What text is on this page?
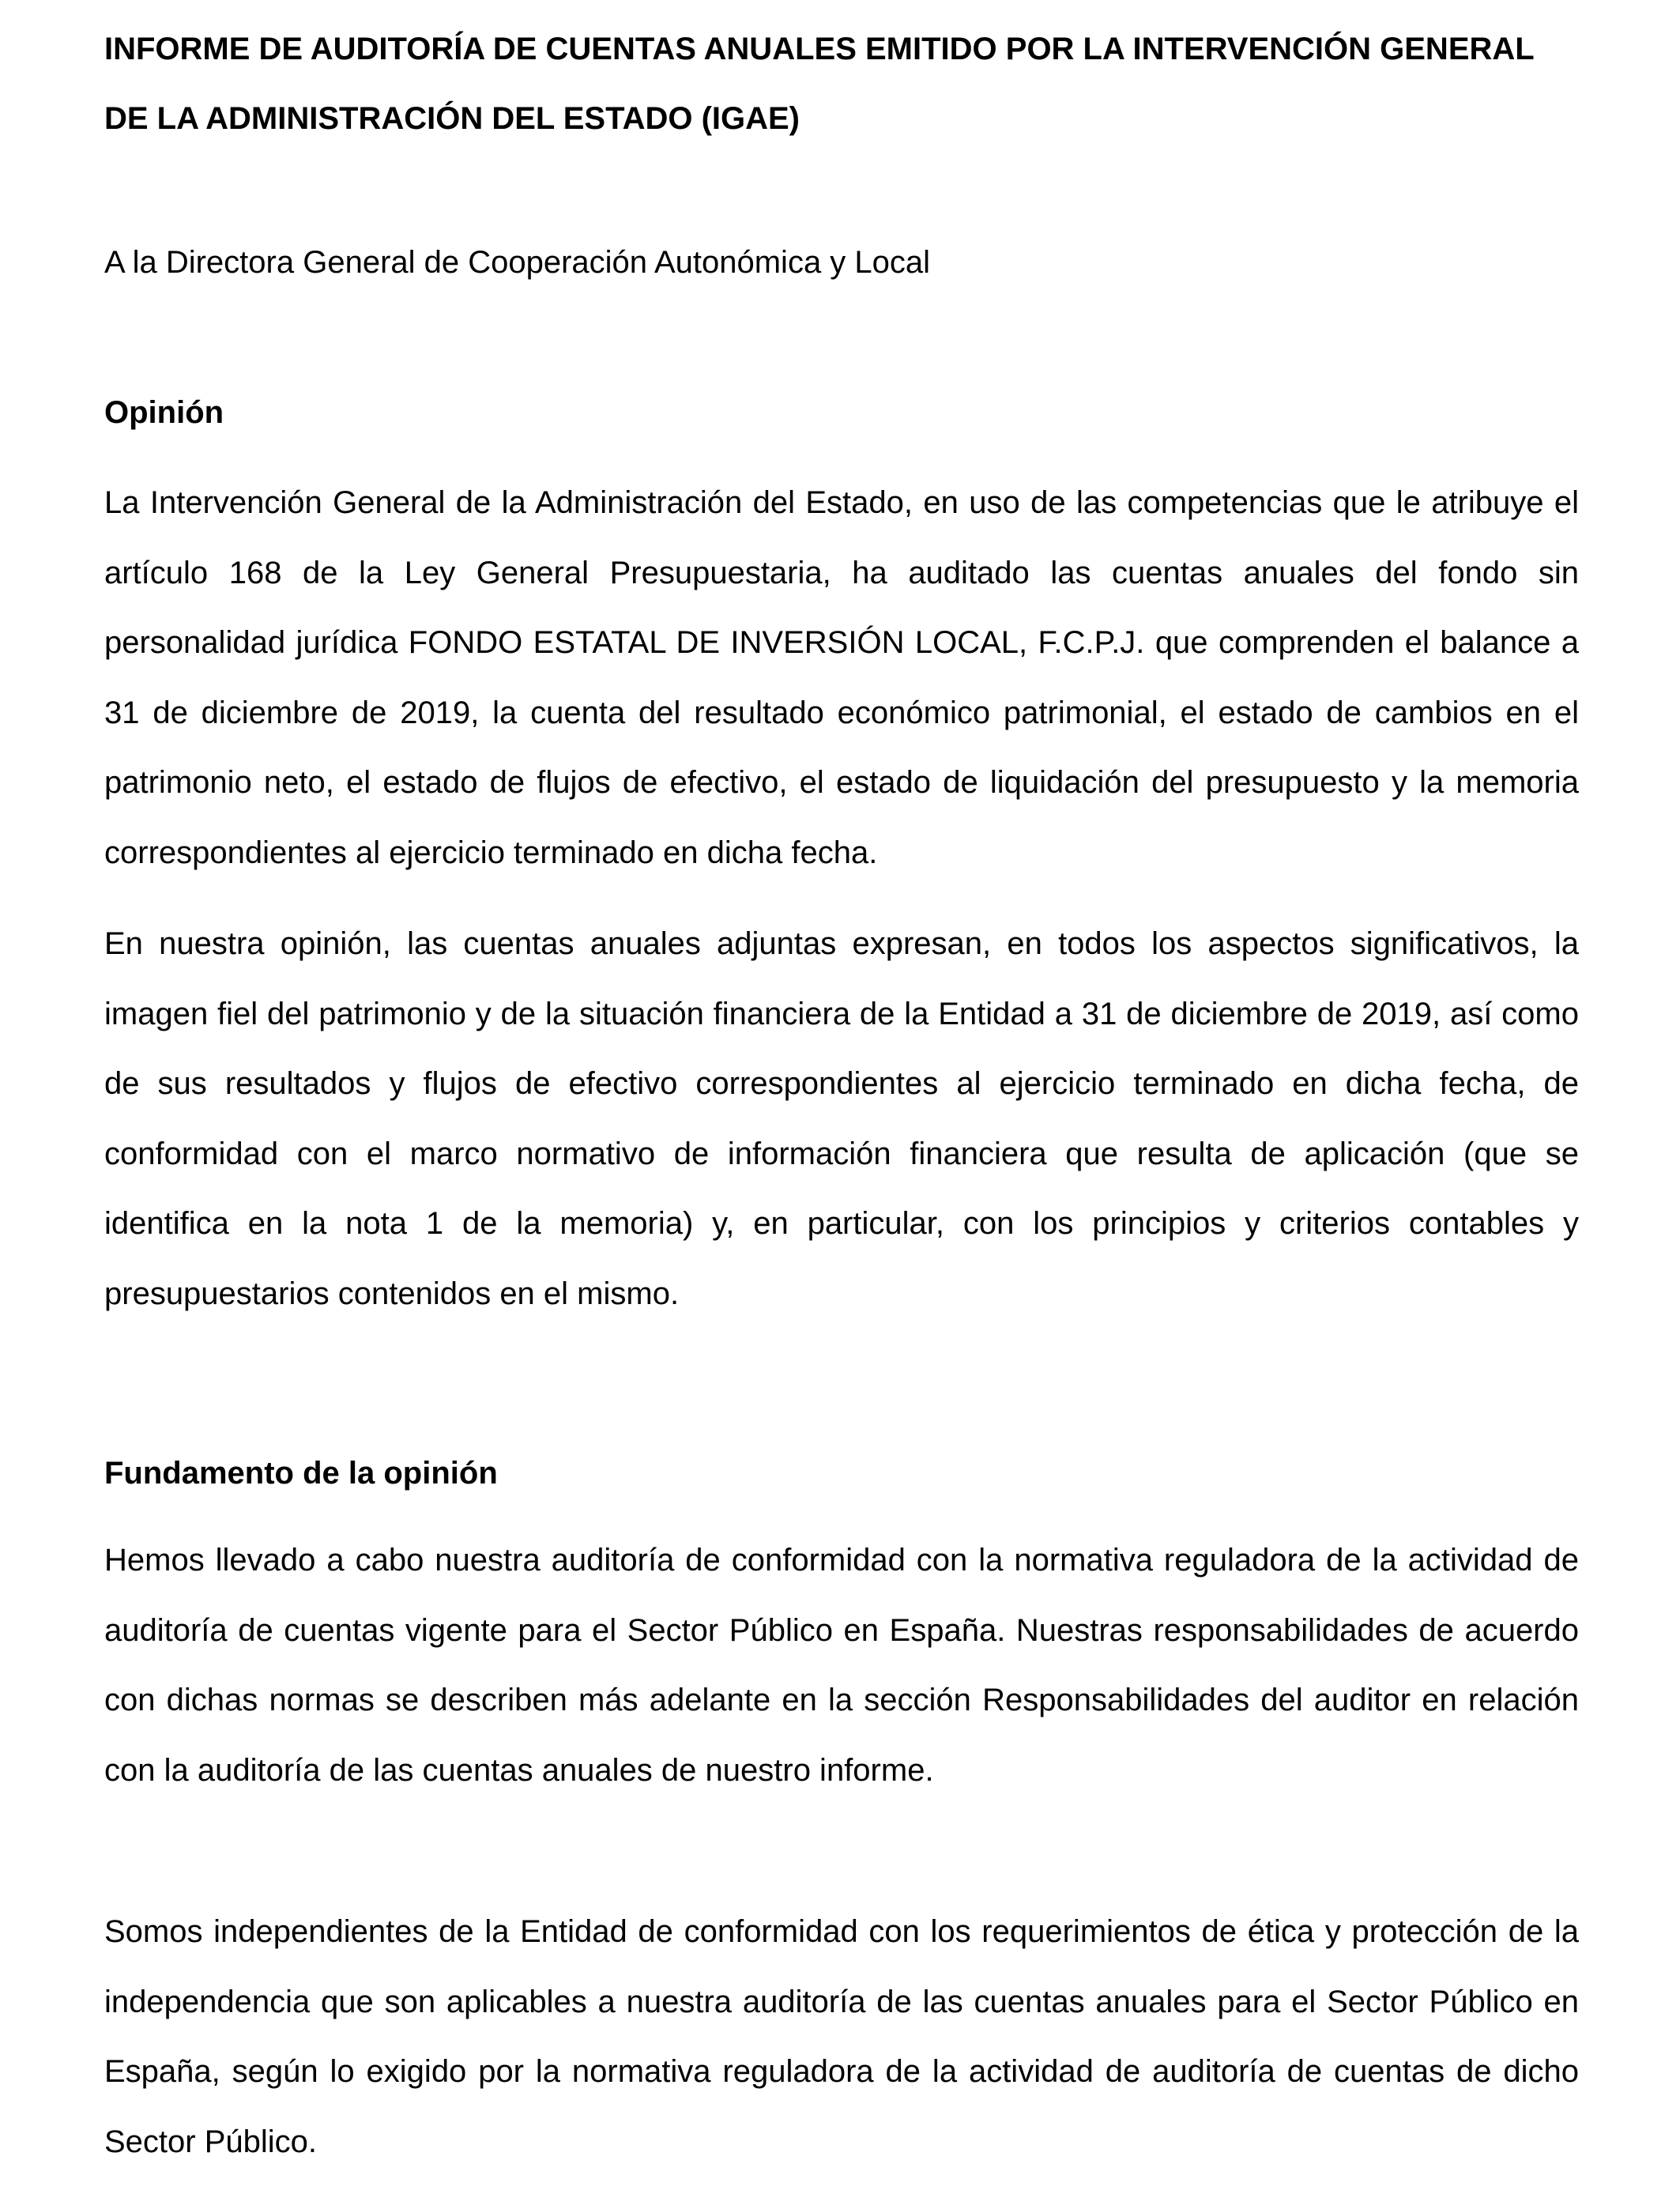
INFORME DE AUDITORÍA DE CUENTAS ANUALES EMITIDO POR LA INTERVENCIÓN GENERAL DE LA ADMINISTRACIÓN DEL ESTADO (IGAE)

A la Directora General de Cooperación Autonómica y Local

Opinión

La Intervención General de la Administración del Estado, en uso de las competencias que le atribuye el artículo 168 de la Ley General Presupuestaria, ha auditado las cuentas anuales del fondo sin personalidad jurídica FONDO ESTATAL DE INVERSIÓN LOCAL, F.C.P.J. que comprenden el balance a 31 de diciembre de 2019, la cuenta del resultado económico patrimonial, el estado de cambios en el patrimonio neto, el estado de flujos de efectivo, el estado de liquidación del presupuesto y la memoria correspondientes al ejercicio terminado en dicha fecha.

En nuestra opinión, las cuentas anuales adjuntas expresan, en todos los aspectos significativos, la imagen fiel del patrimonio y de la situación financiera de la Entidad a 31 de diciembre de 2019, así como de sus resultados y flujos de efectivo correspondientes al ejercicio terminado en dicha fecha, de conformidad con el marco normativo de información financiera que resulta de aplicación (que se identifica en la nota 1 de la memoria) y, en particular, con los principios y criterios contables y presupuestarios contenidos en el mismo.

Fundamento de la opinión

Hemos llevado a cabo nuestra auditoría de conformidad con la normativa reguladora de la actividad de auditoría de cuentas vigente para el Sector Público en España. Nuestras responsabilidades de acuerdo con dichas normas se describen más adelante en la sección Responsabilidades del auditor en relación con la auditoría de las cuentas anuales de nuestro informe.

Somos independientes de la Entidad de conformidad con los requerimientos de ética y protección de la independencia que son aplicables a nuestra auditoría de las cuentas anuales para el Sector Público en España, según lo exigido por la normativa reguladora de la actividad de auditoría de cuentas de dicho Sector Público.
